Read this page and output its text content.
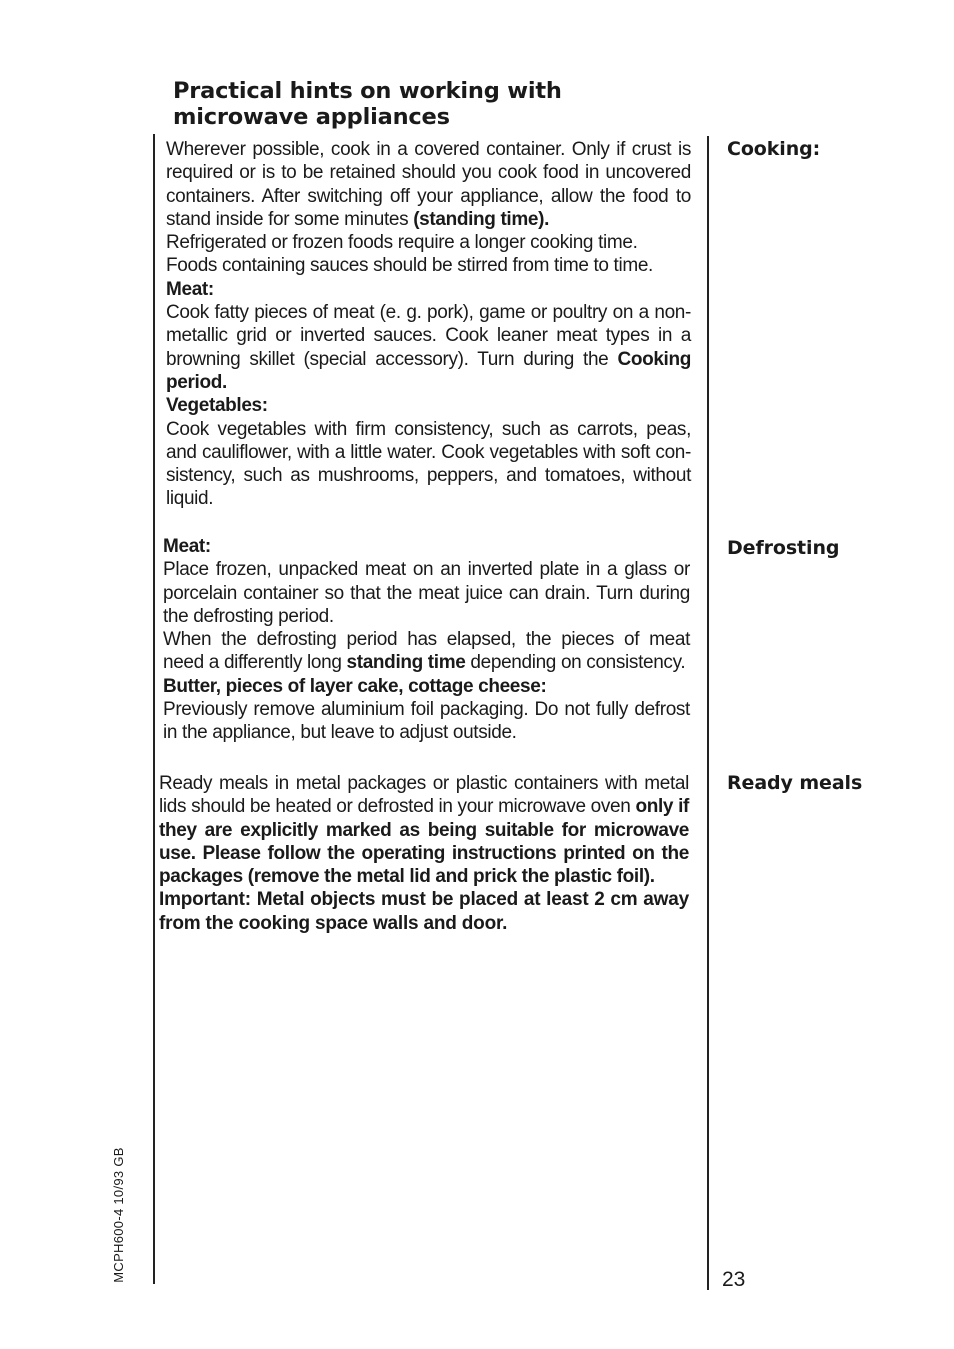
Practical hints on working with
microwave appliances
Cooking:
Defrosting
Ready meals

Wherever possible, cook in a covered container. Only if crust is required or is to be retained should you cook food in uncovered containers. After switching off your appliance, allow the food to stand inside for some minutes (standing time).

Refrigerated or frozen foods require a longer cooking time.

Foods containing sauces should be stirred from time to time.

Meat:

Cook fatty pieces of meat (e. g. pork), game or poultry on a non-metallic grid or inverted sauces. Cook leaner meat types in a browning skillet (special accessory). Turn during the Cooking period.

Vegetables:

Cook vegetables with firm consistency, such as carrots, peas, and cauliflower, with a little water. Cook vegetables with soft con-sistency, such as mushrooms, peppers, and tomatoes, without liquid.

Meat:

Place frozen, unpacked meat on an inverted plate in a glass or porcelain container so that the meat juice can drain. Turn during the defrosting period.

When the defrosting period has elapsed, the pieces of meat need a differently long standing time depending on consistency.

Butter, pieces of layer cake, cottage cheese:

Previously remove aluminium foil packaging. Do not fully defrost in the appliance, but leave to adjust outside.

Ready meals in metal packages or plastic containers with metal lids should be heated or defrosted in your microwave oven only if they are explicitly marked as being suitable for microwave use. Please follow the operating instructions printed on the packages (remove the metal lid and prick the plastic foil).

Important: Metal objects must be placed at least 2 cm away from the cooking space walls and door.

MCPH600-4 10/93 GB	23
